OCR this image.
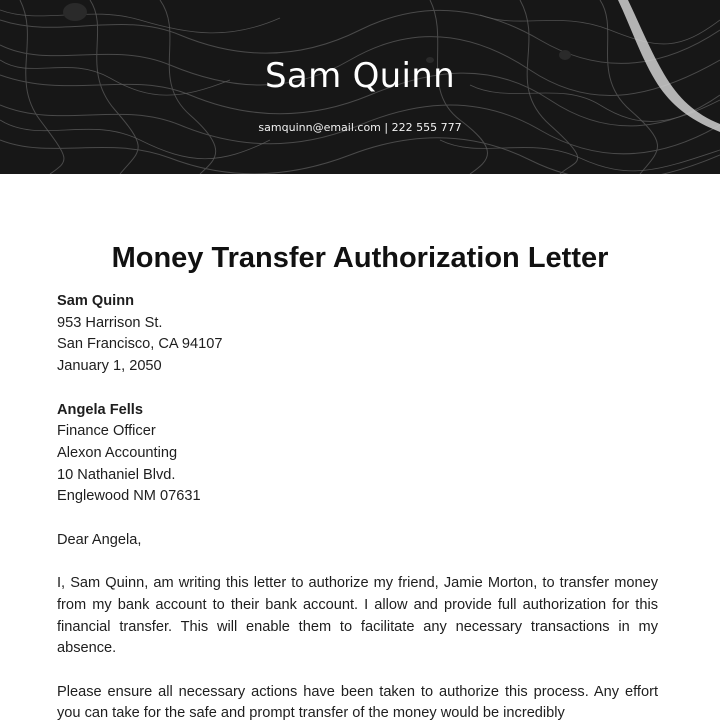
Sam Quinn
samquinn@email.com | 222 555 777
Money Transfer Authorization Letter
Sam Quinn
953 Harrison St.
San Francisco, CA 94107
January 1, 2050
Angela Fells
Finance Officer
Alexon Accounting
10 Nathaniel Blvd.
Englewood NM 07631
Dear Angela,

I, Sam Quinn, am writing this letter to authorize my friend, Jamie Morton, to transfer money from my bank account to their bank account. I allow and provide full authorization for this financial transfer. This will enable them to facilitate any necessary transactions in my absence.

Please ensure all necessary actions have been taken to authorize this process. Any effort you can take for the safe and prompt transfer of the money would be incredibly
